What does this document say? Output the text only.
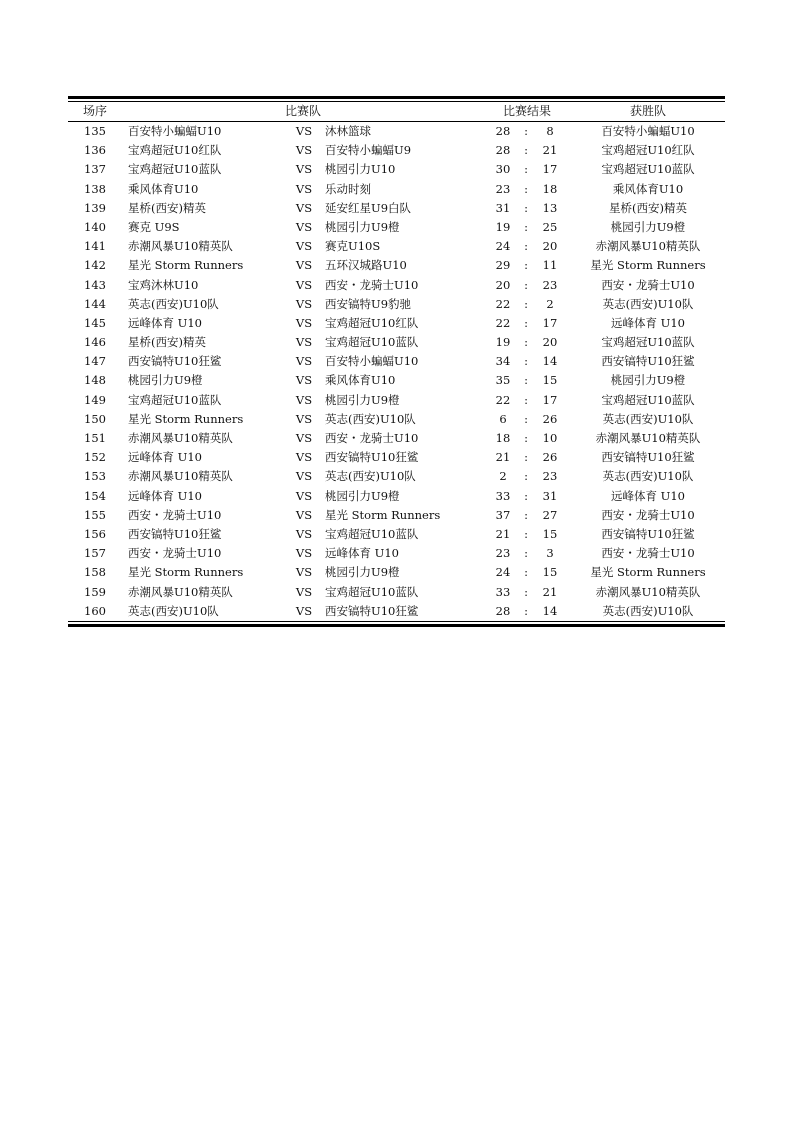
场序	比赛队	比赛结果	获胜队
135	百安特小蝙蝠U10	VS	沐林篮球	28	:	8	百安特小蝙蝠U10
136	宝鸡超冠U10红队	VS	百安特小蝙蝠U9	28	:	21	宝鸡超冠U10红队
137	宝鸡超冠U10蓝队	VS	桃园引力U10	30	:	17	宝鸡超冠U10蓝队
138	乘风体育U10	VS	乐动时刻	23	:	18	乘风体育U10
139	星桥(西安)精英	VS	延安红星U9白队	31	:	13	星桥(西安)精英
140	赛克 U9S	VS	桃园引力U9橙	19	:	25	桃园引力U9橙
141	赤潮风暴U10精英队	VS	赛克U10S	24	:	20	赤潮风暴U10精英队
142	星光 Storm Runners	VS	五环汉城路U10	29	:	11	星光 Storm Runners
143	宝鸡沐林U10	VS	西安・龙骑士U10	20	:	23	西安・龙骑士U10
144	英志(西安)U10队	VS	西安镐特U9豹驰	22	:	2	英志(西安)U10队
145	远峰体育 U10	VS	宝鸡超冠U10红队	22	:	17	远峰体育 U10
146	星桥(西安)精英	VS	宝鸡超冠U10蓝队	19	:	20	宝鸡超冠U10蓝队
147	西安镐特U10狂鲨	VS	百安特小蝙蝠U10	34	:	14	西安镐特U10狂鲨
148	桃园引力U9橙	VS	乘风体育U10	35	:	15	桃园引力U9橙
149	宝鸡超冠U10蓝队	VS	桃园引力U9橙	22	:	17	宝鸡超冠U10蓝队
150	星光 Storm Runners	VS	英志(西安)U10队	6	:	26	英志(西安)U10队
151	赤潮风暴U10精英队	VS	西安・龙骑士U10	18	:	10	赤潮风暴U10精英队
152	远峰体育 U10	VS	西安镐特U10狂鲨	21	:	26	西安镐特U10狂鲨
153	赤潮风暴U10精英队	VS	英志(西安)U10队	2	:	23	英志(西安)U10队
154	远峰体育 U10	VS	桃园引力U9橙	33	:	31	远峰体育 U10
155	西安・龙骑士U10	VS	星光 Storm Runners	37	:	27	西安・龙骑士U10
156	西安镐特U10狂鲨	VS	宝鸡超冠U10蓝队	21	:	15	西安镐特U10狂鲨
157	西安・龙骑士U10	VS	远峰体育 U10	23	:	3	西安・龙骑士U10
158	星光 Storm Runners	VS	桃园引力U9橙	24	:	15	星光 Storm Runners
159	赤潮风暴U10精英队	VS	宝鸡超冠U10蓝队	33	:	21	赤潮风暴U10精英队
160	英志(西安)U10队	VS	西安镐特U10狂鲨	28	:	14	英志(西安)U10队
